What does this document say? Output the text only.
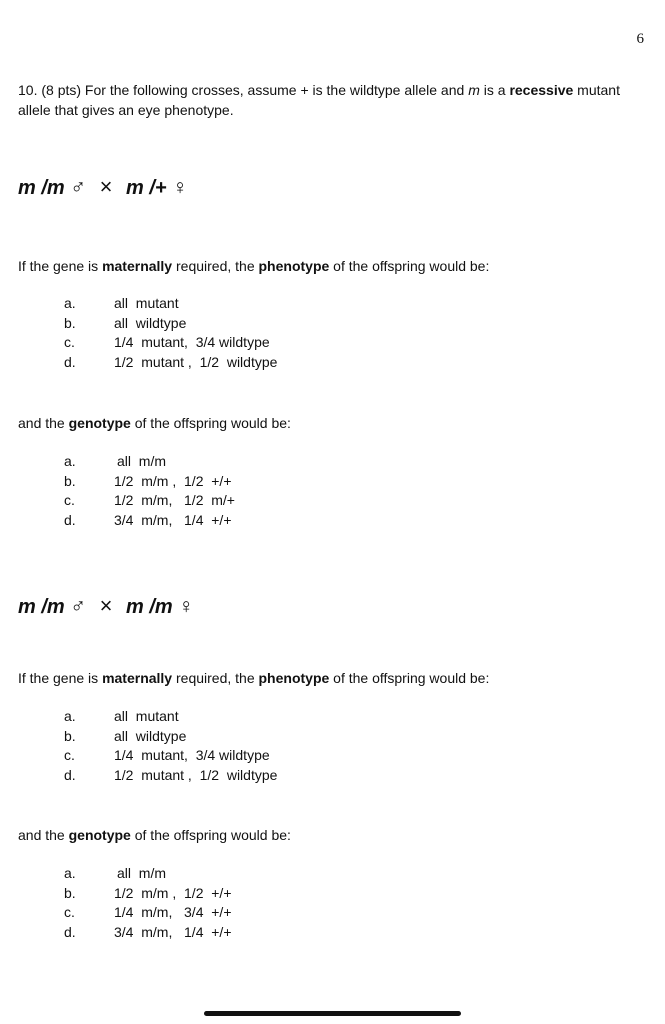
6
10. (8 pts) For the following crosses, assume + is the wildtype allele and m is a recessive mutant allele that gives an eye phenotype.
m /m ♂ × m /+ ♀
If the gene is maternally required, the phenotype of the offspring would be:
a.	all  mutant
b.	all  wildtype
c.	1/4  mutant,  3/4 wildtype
d.	1/2  mutant ,  1/2  wildtype
and the genotype of the offspring would be:
a.	all  m/m
b.	1/2  m/m ,  1/2  +/+
c.	1/2  m/m,   1/2  m/+
d.	3/4  m/m,   1/4  +/+
m /m ♂ × m /m ♀
If the gene is maternally required, the phenotype of the offspring would be:
a.	all  mutant
b.	all  wildtype
c.	1/4  mutant,  3/4 wildtype
d.	1/2  mutant ,  1/2  wildtype
and the genotype of the offspring would be:
a.	all  m/m
b.	1/2  m/m ,  1/2  +/+
c.	1/4  m/m,   3/4  +/+
d.	3/4  m/m,   1/4  +/+
